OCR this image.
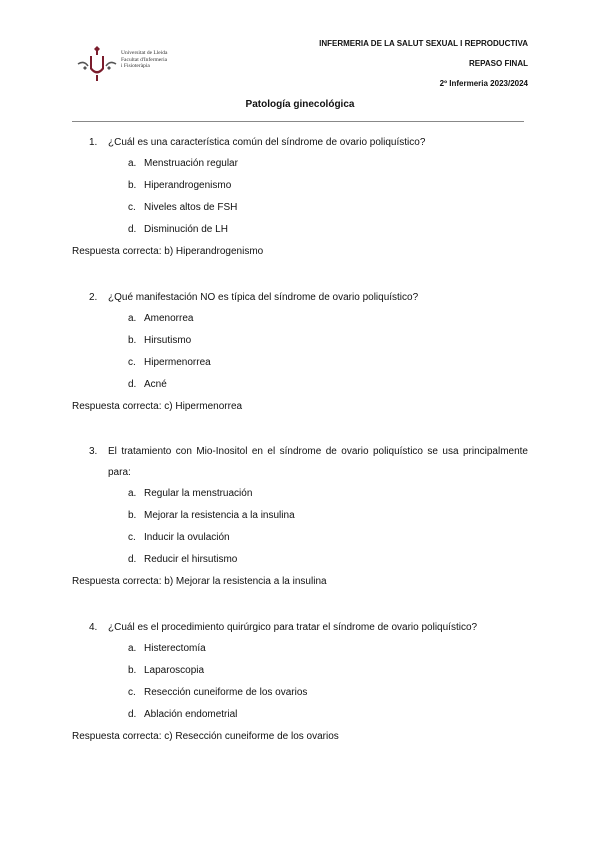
Universitat de Lleida
Facultat d'Infermeria
i Fisioteràpia
INFERMERIA DE LA SALUT SEXUAL I REPRODUCTIVA
REPASO FINAL
2º Infermeria 2023/2024
Patología ginecológica
1. ¿Cuál es una característica común del síndrome de ovario poliquístico?
a. Menstruación regular
b. Hiperandrogenismo
c. Niveles altos de FSH
d. Disminución de LH
Respuesta correcta: b) Hiperandrogenismo
2. ¿Qué manifestación NO es típica del síndrome de ovario poliquístico?
a. Amenorrea
b. Hirsutismo
c. Hipermenorrea
d. Acné
Respuesta correcta: c) Hipermenorrea
3. El tratamiento con Mio-Inositol en el síndrome de ovario poliquístico se usa principalmente para:
a. Regular la menstruación
b. Mejorar la resistencia a la insulina
c. Inducir la ovulación
d. Reducir el hirsutismo
Respuesta correcta: b) Mejorar la resistencia a la insulina
4. ¿Cuál es el procedimiento quirúrgico para tratar el síndrome de ovario poliquístico?
a. Histerectomía
b. Laparoscopia
c. Resección cuneiforme de los ovarios
d. Ablación endometrial
Respuesta correcta: c) Resección cuneiforme de los ovarios
